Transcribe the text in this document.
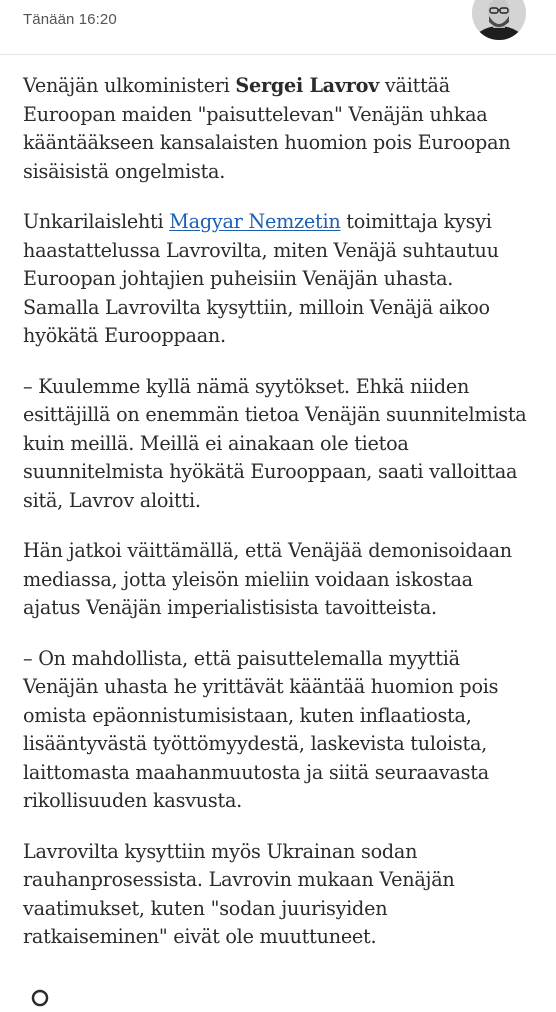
Tänään 16:20

Venäjän ulkoministeri Sergei Lavrov väittää Euroopan maiden "paisuttelevan" Venäjän uhkaa kääntääkseen kansalaisten huomion pois Euroopan sisäisistä ongelmista.

Unkarilaislehti Magyar Nemzetin toimittaja kysyi haastattelussa Lavrovilta, miten Venäjä suhtautuu Euroopan johtajien puheisiin Venäjän uhasta. Samalla Lavrovilta kysyttiin, milloin Venäjä aikoo hyökätä Eurooppaan.

– Kuulemme kyllä nämä syytökset. Ehkä niiden esittäjillä on enemmän tietoa Venäjän suunnitelmista kuin meillä. Meillä ei ainakaan ole tietoa suunnitelmista hyökätä Eurooppaan, saati valloittaa sitä, Lavrov aloitti.

Hän jatkoi väittämällä, että Venäjää demonisoidaan mediassa, jotta yleisön mieliin voidaan iskostaa ajatus Venäjän imperialistisista tavoitteista.

– On mahdollista, että paisuttelemalla myyttiä Venäjän uhasta he yrittävät kääntää huomion pois omista epäonnistumisistaan, kuten inflaatiosta, lisääntyvästä työttömyydestä, laskevista tuloista, laittomasta maahanmuutosta ja siitä seuraavasta rikollisuuden kasvusta.

Lavrovilta kysyttiin myös Ukrainan sodan rauhanprosessista. Lavrovin mukaan Venäjän vaatimukset, kuten "sodan juurisyiden ratkaiseminen" eivät ole muuttuneet.
